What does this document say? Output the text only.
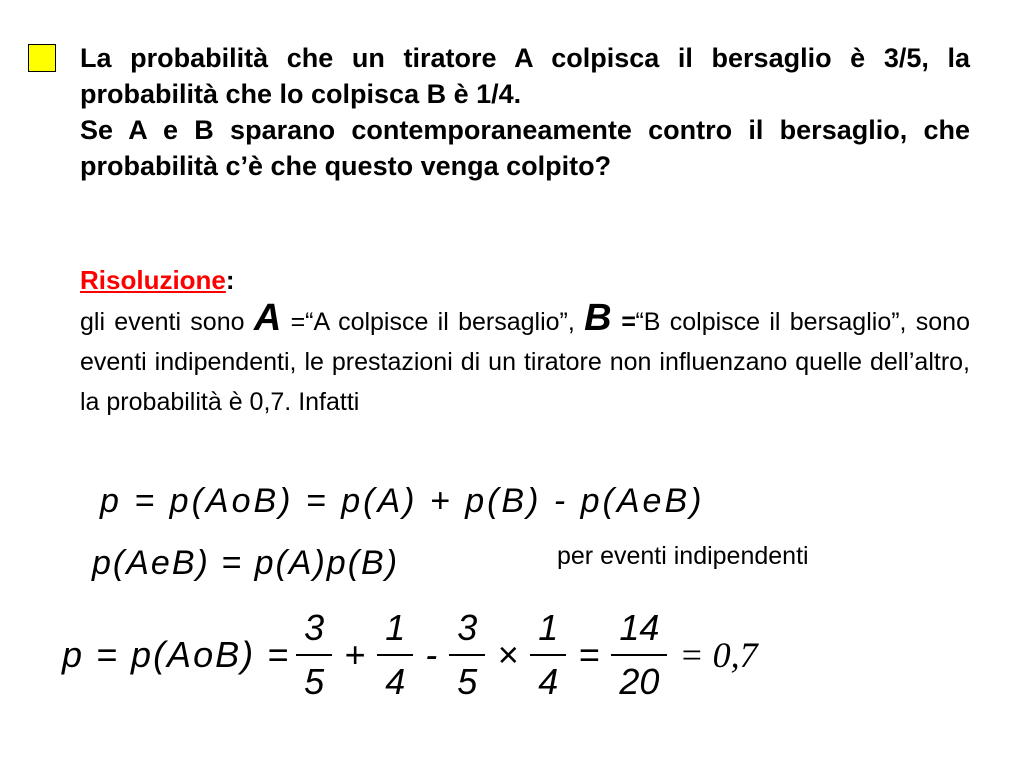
La probabilità che un tiratore A colpisca il bersaglio è 3/5, la probabilità che lo colpisca B è 1/4.

Se A e B sparano contemporaneamente contro il bersaglio, che probabilità c’è che questo venga colpito?

Risoluzione:

gli eventi sono A =“A colpisce il bersaglio”, B =“B colpisce il bersaglio”, sono eventi indipendenti, le prestazioni di un tiratore non influenzano quelle dell’altro, la probabilità è 0,7. Infatti

p = p(AoB) = p(A) + p(B) - p(AeB)
p(AeB) = p(A)p(B)	per eventi indipendenti
$p = p(AoB) = \frac{3}{5} + \frac{1}{4} - \frac{3}{5} \times \frac{1}{4} = \frac{14}{20} = 0,7$
